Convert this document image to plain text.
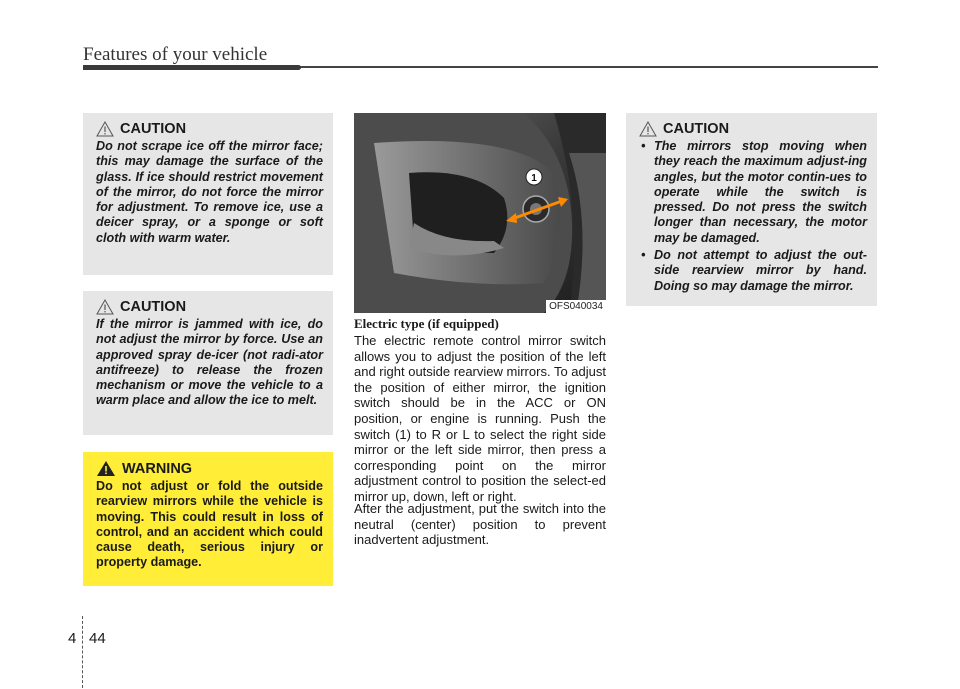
Features of your vehicle
CAUTION
Do not scrape ice off the mirror face; this may damage the surface of the glass. If ice should restrict movement of the mirror, do not force the mirror for adjustment. To remove ice, use a deicer spray, or a sponge or soft cloth with warm water.
CAUTION
If the mirror is jammed with ice, do not adjust the mirror by force. Use an approved spray de-icer (not radi-ator antifreeze) to release the frozen mechanism or move the vehicle to a warm place and allow the ice to melt.
WARNING
Do not adjust or fold the outside rearview mirrors while the vehicle is moving. This could result in loss of control, and an accident which could cause death, serious injury or property damage.
1
OFS040034
Electric type (if equipped)
The electric remote control mirror switch allows you to adjust the position of the left and right outside rearview mirrors. To adjust the position of either mirror, the ignition switch should be in the ACC or ON position, or engine is running. Push the switch (1) to R or L to select the right side mirror or the left side mirror, then press a corresponding point on the mirror adjustment control to position the select-ed mirror up, down, left or right.
After the adjustment, put the switch into the neutral (center) position to prevent inadvertent adjustment.
CAUTION
• The mirrors stop moving when they reach the maximum adjust-ing angles, but the motor contin-ues to operate while the switch is pressed. Do not press the switch longer than necessary, the motor may be damaged.
• Do not attempt to adjust the out-side rearview mirror by hand. Doing so may damage the mirror.
4 44
